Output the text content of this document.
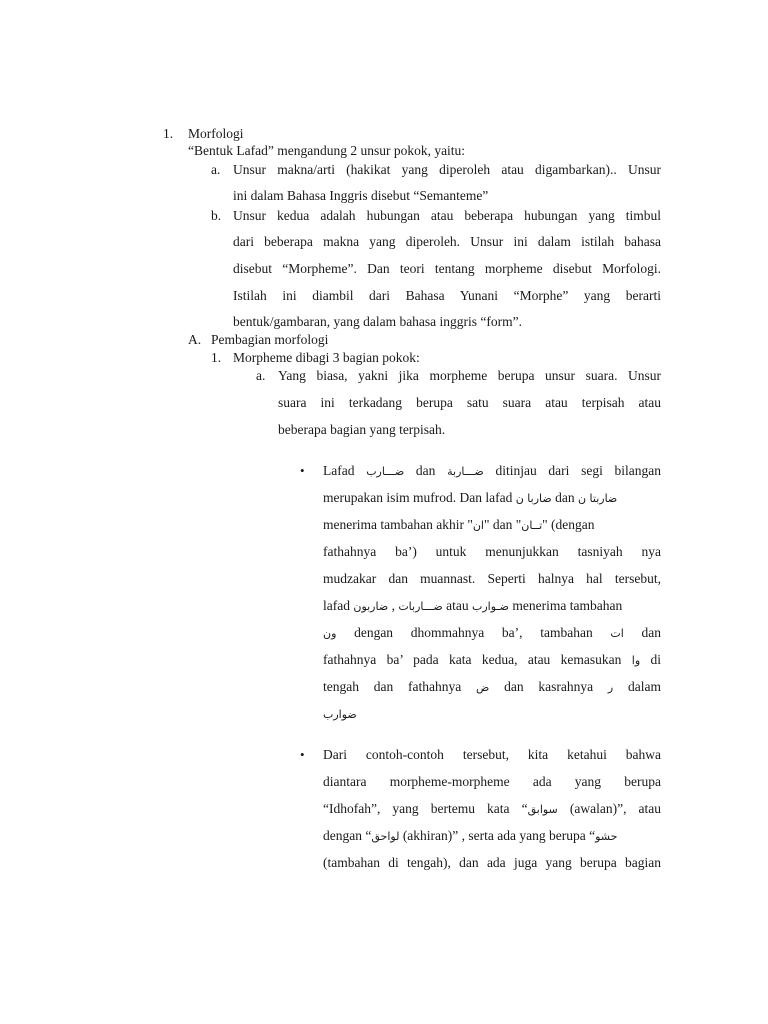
1. Morfologi
“Bentuk Lafad” mengandung 2 unsur pokok, yaitu:
a. Unsur makna/arti (hakikat yang diperoleh atau digambarkan).. Unsur
ini dalam Bahasa Inggris disebut “Semanteme”
b. Unsur kedua adalah hubungan atau beberapa hubungan yang timbul
dari beberapa makna yang diperoleh. Unsur ini dalam istilah bahasa
disebut “Morpheme”. Dan teori tentang morpheme disebut Morfologi.
Istilah ini diambil dari Bahasa Yunani “Morphe” yang berarti
bentuk/gambaran, yang dalam bahasa inggris “form”.
A. Pembagian morfologi
1. Morpheme dibagi 3 bagian pokok:
a. Yang biasa, yakni jika morpheme berupa unsur suara. Unsur
suara ini terkadang berupa satu suara atau terpisah atau
beberapa bagian yang terpisah.
• Lafad ضـــارب dan ضـــاربة ditinjau dari segi bilangan
merupakan isim mufrod. Dan lafad ضاربا ن dan ضاربتا ن
menerima tambahan akhir "ان" dan "تــان" (dengan
fathahnya ba’) untuk menunjukkan tasniyah nya
mudzakar dan muannast. Seperti halnya hal tersebut,
lafad	ضـــاربات , ضاربون	atau ضـوارب menerima tambahan
ون dengan dhommahnya ba’, tambahan ات dan
fathahnya ba’ pada kata kedua, atau kemasukan وا di
tengah dan fathahnya ض dan kasrahnya ر dalam
ضوارب
• Dari contoh-contoh tersebut, kita ketahui bahwa
diantara morpheme-morpheme ada yang berupa
“Idhofah”, yang bertemu kata “سوابق (awalan)”, atau
dengan “لواحق (akhiran)” , serta ada yang berupa “حشو
(tambahan di tengah), dan ada juga yang berupa bagian
